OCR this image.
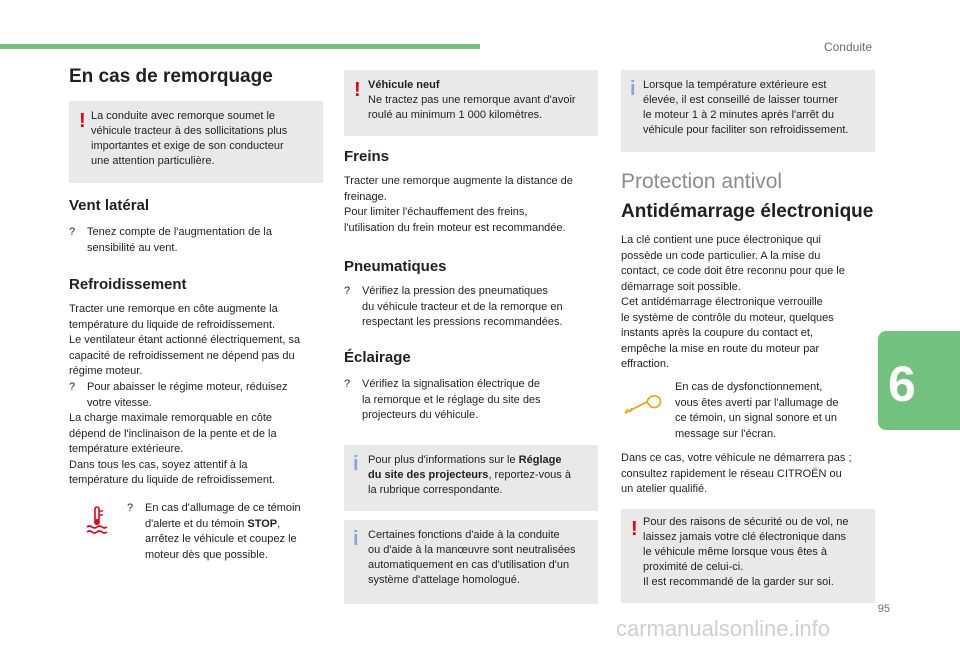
Conduite
En cas de remorquage
! La conduite avec remorque soumet le
véhicule tracteur à des sollicitations plus
importantes et exige de son conducteur
une attention particulière.
Vent latéral
? Tenez compte de l'augmentation de la
sensibilité au vent.
Refroidissement
Tracter une remorque en côte augmente la
température du liquide de refroidissement.
Le ventilateur étant actionné électriquement, sa
capacité de refroidissement ne dépend pas du
régime moteur.
? Pour abaisser le régime moteur, réduisez
votre vitesse.
La charge maximale remorquable en côte
dépend de l'inclinaison de la pente et de la
température extérieure.
Dans tous les cas, soyez attentif à la
température du liquide de refroidissement.
? En cas d'allumage de ce témoin
d'alerte et du témoin STOP,
arrêtez le véhicule et coupez le
moteur dès que possible.
! Véhicule neuf
Ne tractez pas une remorque avant d'avoir
roulé au minimum 1 000 kilomètres.
Freins
Tracter une remorque augmente la distance de
freinage.
Pour limiter l'échauffement des freins,
l'utilisation du frein moteur est recommandée.
Pneumatiques
? Vérifiez la pression des pneumatiques
du véhicule tracteur et de la remorque en
respectant les pressions recommandées.
Éclairage
? Vérifiez la signalisation électrique de
la remorque et le réglage du site des
projecteurs du véhicule.
i Pour plus d'informations sur le Réglage
du site des projecteurs, reportez-vous à
la rubrique correspondante.
i Certaines fonctions d'aide à la conduite
ou d'aide à la manœuvre sont neutralisées
automatiquement en cas d'utilisation d'un
système d'attelage homologué.
i Lorsque la température extérieure est
élevée, il est conseillé de laisser tourner
le moteur 1 à 2 minutes après l'arrêt du
véhicule pour faciliter son refroidissement.
Protection antivol
Antidémarrage électronique
La clé contient une puce électronique qui
possède un code particulier. A la mise du
contact, ce code doit être reconnu pour que le
démarrage soit possible.
Cet antidémarrage électronique verrouille
le système de contrôle du moteur, quelques
instants après la coupure du contact et,
empêche la mise en route du moteur par
effraction.
En cas de dysfonctionnement,
vous êtes averti par l'allumage de
ce témoin, un signal sonore et un
message sur l'écran.
Dans ce cas, votre véhicule ne démarrera pas ;
consultez rapidement le réseau CITROËN ou
un atelier qualifié.
! Pour des raisons de sécurité ou de vol, ne
laissez jamais votre clé électronique dans
le véhicule même lorsque vous êtes à
proximité de celui-ci.
Il est recommandé de la garder sur soi.
6
95
carmanualsonline.info
